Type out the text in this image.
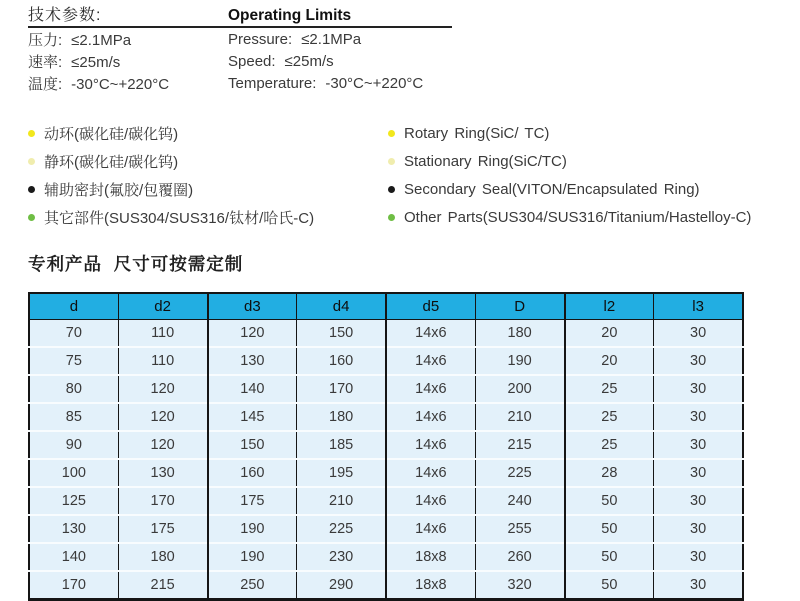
技术参数:	Operating Limits
压力: ≤2.1MPa	Pressure: ≤2.1MPa
速率: ≤25m/s	Speed: ≤25m/s
温度: -30°C~+220°C	Temperature: -30°C~+220°C
动环(碳化硅/碳化钨)	Rotary Ring(SiC/ TC)
静环(碳化硅/碳化钨)	Stationary Ring(SiC/TC)
辅助密封(氟胶/包覆圈)	Secondary Seal(VITON/Encapsulated Ring)
其它部件(SUS304/SUS316/钛材/哈氏-C)	Other Parts(SUS304/SUS316/Titanium/Hastelloy-C)
专利产品  尺寸可按需定制
d	d2	d3	d4	d5	D	l2	l3
70	110	120	150	14x6	180	20	30
75	110	130	160	14x6	190	20	30
80	120	140	170	14x6	200	25	30
85	120	145	180	14x6	210	25	30
90	120	150	185	14x6	215	25	30
100	130	160	195	14x6	225	28	30
125	170	175	210	14x6	240	50	30
130	175	190	225	14x6	255	50	30
140	180	190	230	18x8	260	50	30
170	215	250	290	18x8	320	50	30
